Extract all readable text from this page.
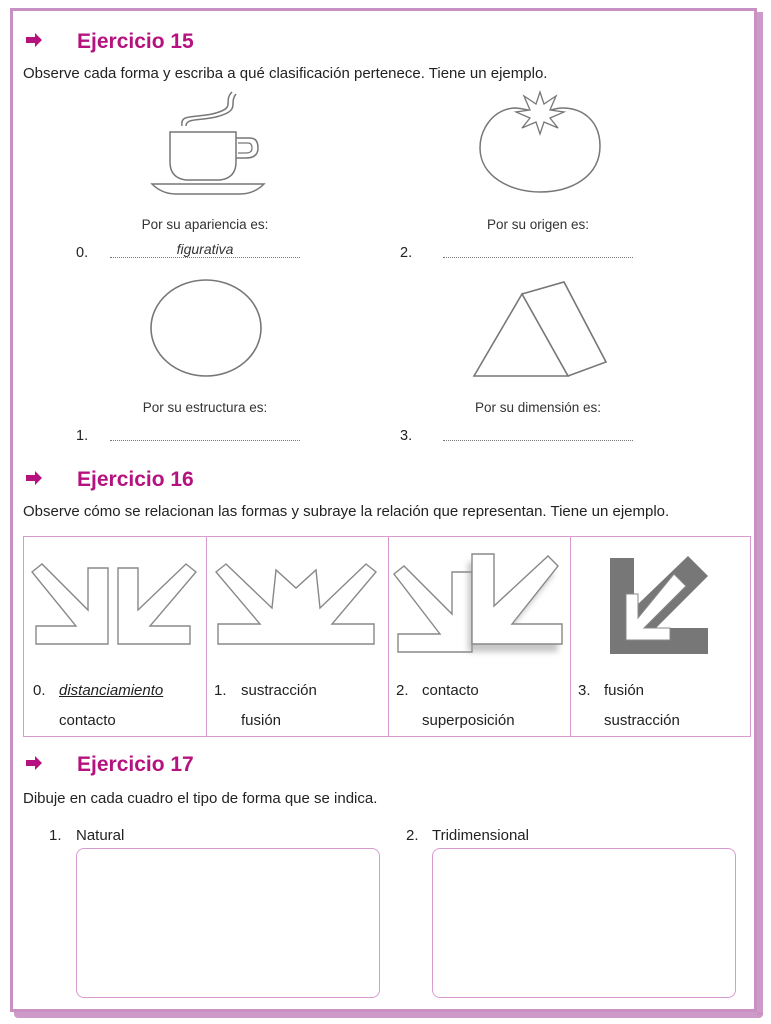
Ejercicio 15
Observe cada forma y escriba a qué clasificación pertenece. Tiene un ejemplo.
Por su apariencia es:
0.	figurativa
Por su origen es:
2.
Por su estructura es:
1.
Por su dimensión es:
3.
Ejercicio 16
Observe cómo se relacionan las formas y subraye la relación que representan. Tiene un ejemplo.
0. distanciamiento
contacto
1. sustracción
fusión
2. contacto
superposición
3. fusión
sustracción
Ejercicio 17
Dibuje en cada cuadro el tipo de forma que se indica.
1. Natural	2. Tridimensional
